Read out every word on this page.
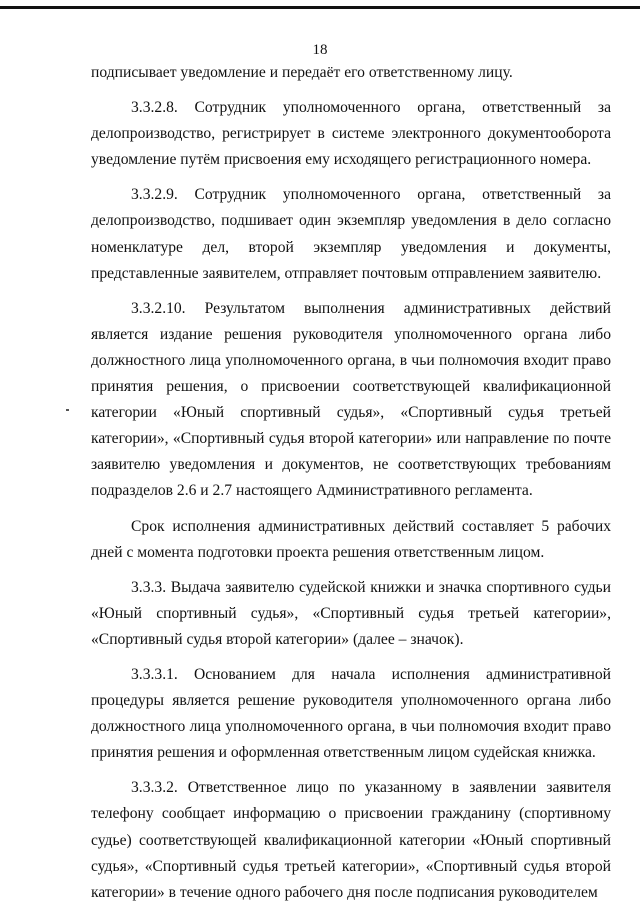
18

подписывает уведомление и передаёт его ответственному лицу.

3.3.2.8. Сотрудник уполномоченного органа, ответственный за делопроизводство, регистрирует в системе электронного документооборота уведомление путём присвоения ему исходящего регистрационного номера.

3.3.2.9. Сотрудник уполномоченного органа, ответственный за делопроизводство, подшивает один экземпляр уведомления в дело согласно номенклатуре дел, второй экземпляр уведомления и документы, представленные заявителем, отправляет почтовым отправлением заявителю.

3.3.2.10. Результатом выполнения административных действий является издание решения руководителя уполномоченного органа либо должностного лица уполномоченного органа, в чьи полномочия входит право принятия решения, о присвоении соответствующей квалификационной категории «Юный спортивный судья», «Спортивный судья третьей категории», «Спортивный судья второй категории» или направление по почте заявителю уведомления и документов, не соответствующих требованиям подразделов 2.6 и 2.7 настоящего Административного регламента.

Срок исполнения административных действий составляет 5 рабочих дней с момента подготовки проекта решения ответственным лицом.

3.3.3. Выдача заявителю судейской книжки и значка спортивного судьи «Юный спортивный судья», «Спортивный судья третьей категории», «Спортивный судья второй категории» (далее – значок).

3.3.3.1. Основанием для начала исполнения административной процедуры является решение руководителя уполномоченного органа либо должностного лица уполномоченного органа, в чьи полномочия входит право принятия решения и оформленная ответственным лицом судейская книжка.

3.3.3.2. Ответственное лицо по указанному в заявлении заявителя телефону сообщает информацию о присвоении гражданину (спортивному судье) соответствующей квалификационной категории «Юный спортивный судья», «Спортивный судья третьей категории», «Спортивный судья второй категории» в течение одного рабочего дня после подписания руководителем
